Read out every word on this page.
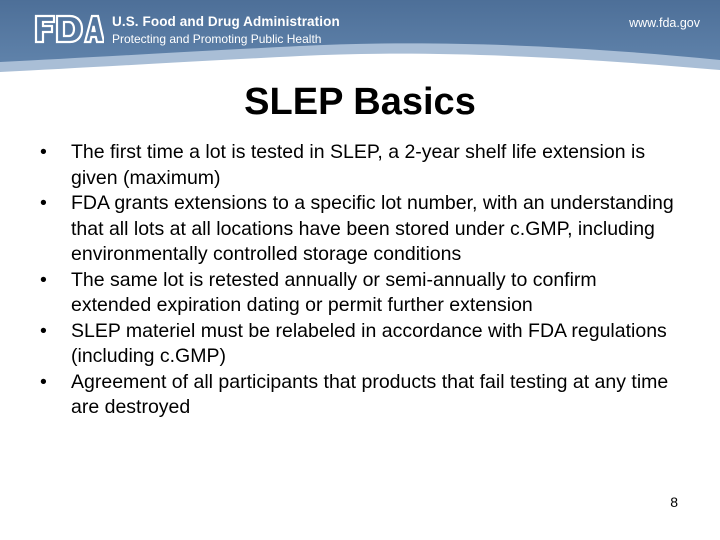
U.S. Food and Drug Administration
Protecting and Promoting Public Health
www.fda.gov
SLEP Basics
• The first time a lot is tested in SLEP, a 2-year shelf life extension is given (maximum)
• FDA grants extensions to a specific lot number, with an understanding that all lots at all locations have been stored under c.GMP, including environmentally controlled storage conditions
• The same lot is retested annually or semi-annually to confirm extended expiration dating or permit further extension
• SLEP materiel must be relabeled in accordance with FDA regulations (including c.GMP)
• Agreement of all participants that products that fail testing at any time are destroyed
8
